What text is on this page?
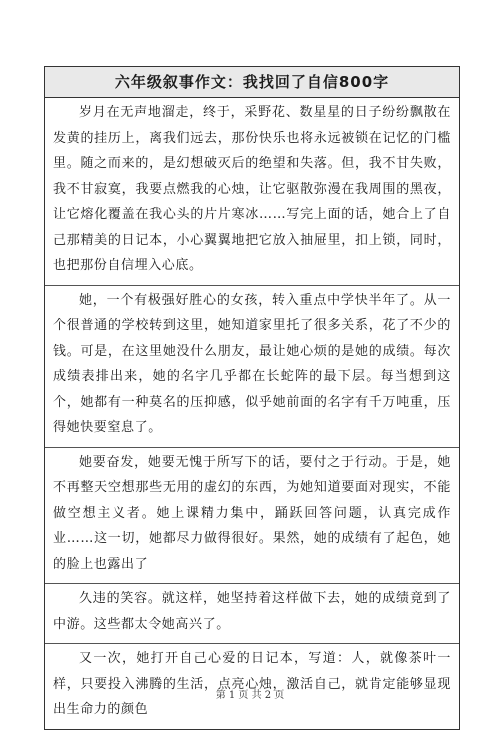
六年级叙事作文：我找回了自信800字
岁月在无声地溜走，终于，采野花、数星星的日子纷纷飘散在发黄的挂历上，离我们远去，那份快乐也将永远被锁在记忆的门槛里。随之而来的，是幻想破灭后的绝望和失落。但，我不甘失败，我不甘寂寞，我要点燃我的心烛，让它驱散弥漫在我周围的黑夜，让它熔化覆盖在我心头的片片寒冰……写完上面的话，她合上了自己那精美的日记本，小心翼翼地把它放入抽屉里，扣上锁，同时，也把那份自信埋入心底。
她，一个有极强好胜心的女孩，转入重点中学快半年了。从一个很普通的学校转到这里，她知道家里托了很多关系，花了不少的钱。可是，在这里她没什么朋友，最让她心烦的是她的成绩。每次成绩表排出来，她的名字几乎都在长蛇阵的最下层。每当想到这个，她都有一种莫名的压抑感，似乎她前面的名字有千万吨重，压得她快要窒息了。
她要奋发，她要无愧于所写下的话，要付之于行动。于是，她不再整天空想那些无用的虚幻的东西，为她知道要面对现实，不能做空想主义者。她上课精力集中，踊跃回答问题，认真完成作业……这一切，她都尽力做得很好。果然，她的成绩有了起色，她的脸上也露出了
久违的笑容。就这样，她坚持着这样做下去，她的成绩竟到了中游。这些都太令她高兴了。
又一次，她打开自己心爱的日记本，写道：人，就像茶叶一样，只要投入沸腾的生活，点亮心烛，激活自己，就肯定能够显现出生命力的颜色
第 1 页 共 2 页
